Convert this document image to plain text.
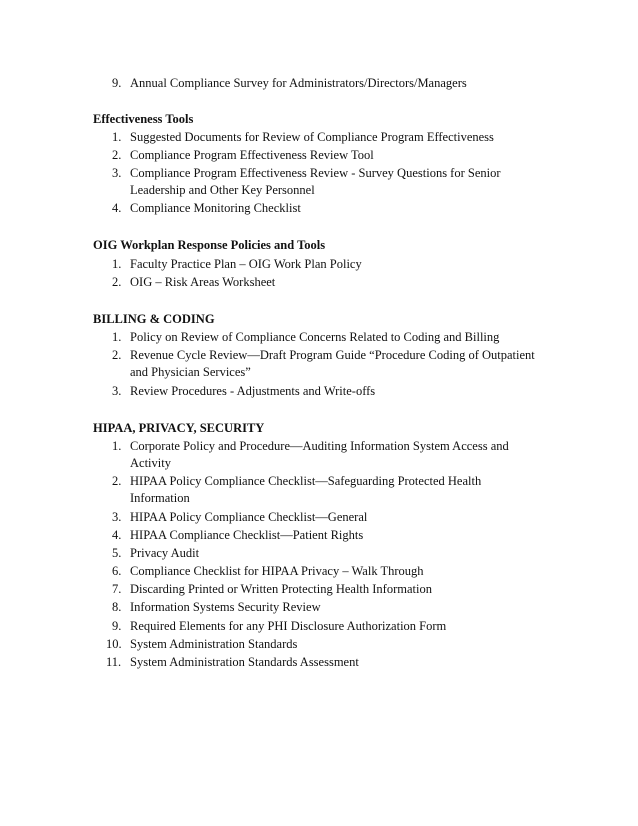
9. Annual Compliance Survey for Administrators/Directors/Managers
Effectiveness Tools
1. Suggested Documents for Review of Compliance Program Effectiveness
2. Compliance Program Effectiveness Review Tool
3. Compliance Program Effectiveness Review - Survey Questions for Senior
Leadership and Other Key Personnel
4. Compliance Monitoring Checklist
OIG Workplan Response Policies and Tools
1. Faculty Practice Plan – OIG Work Plan Policy
2. OIG – Risk Areas Worksheet
BILLING & CODING
1. Policy on Review of Compliance Concerns Related to Coding and Billing
2. Revenue Cycle Review—Draft Program Guide “Procedure Coding of Outpatient
and Physician Services”
3. Review Procedures - Adjustments and Write-offs
HIPAA, PRIVACY, SECURITY
1. Corporate Policy and Procedure—Auditing Information System Access and
Activity
2. HIPAA Policy Compliance Checklist—Safeguarding Protected Health
Information
3. HIPAA Policy Compliance Checklist—General
4. HIPAA Compliance Checklist—Patient Rights
5. Privacy Audit
6. Compliance Checklist for HIPAA Privacy – Walk Through
7. Discarding Printed or Written Protecting Health Information
8. Information Systems Security Review
9. Required Elements for any PHI Disclosure Authorization Form
10. System Administration Standards
11. System Administration Standards Assessment
